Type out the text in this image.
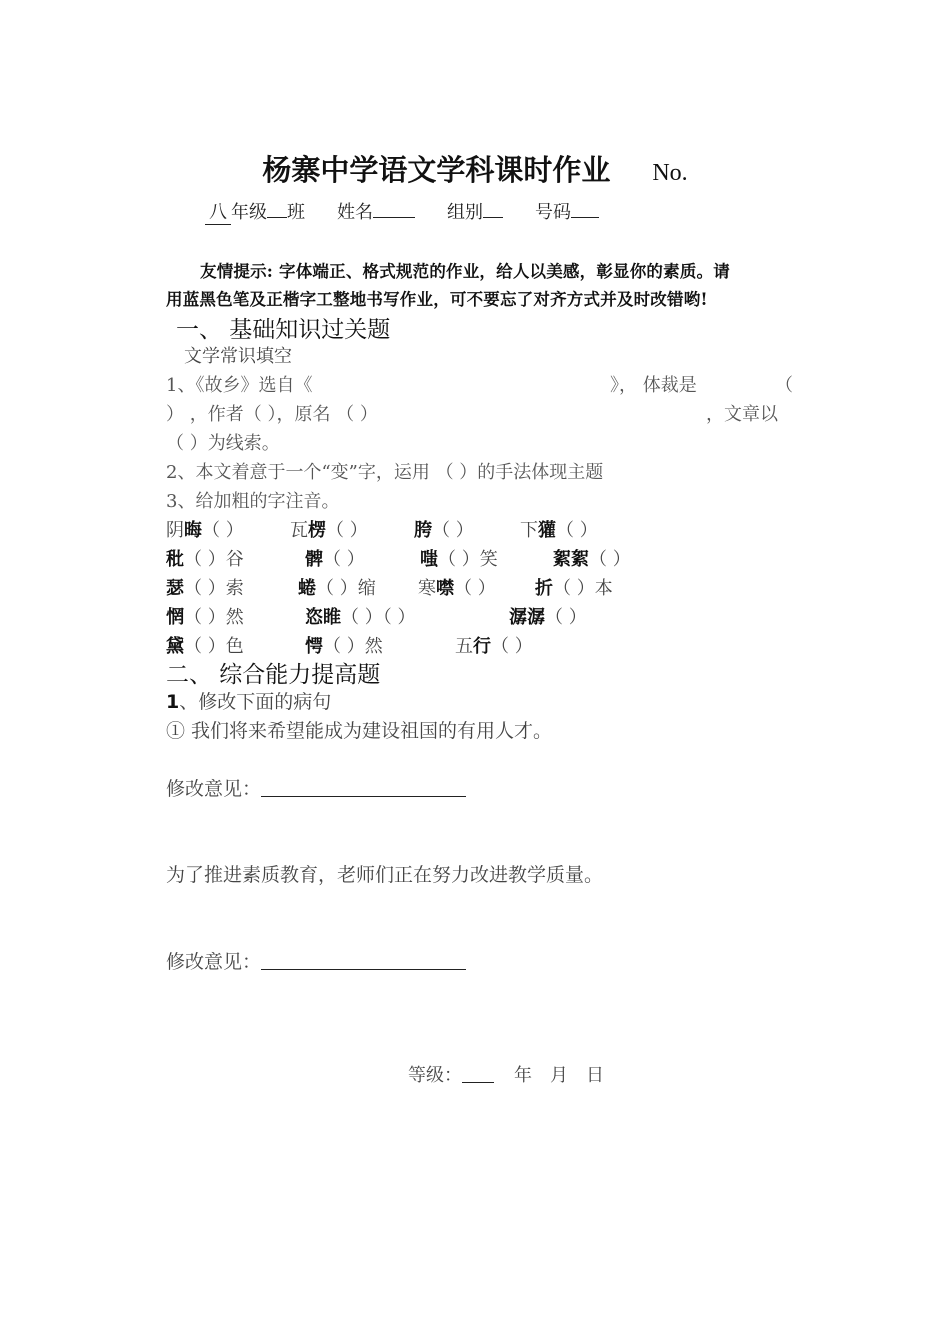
杨寨中学语文学科课时作业 No.
八 年级 班 姓名	组别	号码
友情提示: 字体端正、格式规范的作业，给人以美感，彰显你的素质。请
用蓝黑色笔及正楷字工整地书写作业，可不要忘了对齐方式并及时改错哟!
一、 基础知识过关题
文学常识填空
1、《故乡》选自《	》， 体裁是	（
） ，作者（ ），原名 （ ）	，文章以
（ ）为线索。
2、本文着意于一个“变”字，运用 （ ）的手法体现主题
3、给加粗的字注音。
阴晦（ ）	瓦楞（ ）	胯（ ）	下獾（ ）
秕（ ）谷	髀（ ）	嗤（ ）笑	絮絮（ ）
瑟（ ）索	蜷（ ）缩 寒噤（ ） 折（ ）本
惘（ ）然	恣睢（ ）（ ）	潺潺（ ）
黛（ ）色	愕（ ）然	五行（ ）
二、 综合能力提高题
1、修改下面的病句
① 我们将来希望能成为建设祖国的有用人才。
修改意见：
为了推进素质教育，老师们正在努力改进教学质量。
修改意见：
等级：	年 月 日
